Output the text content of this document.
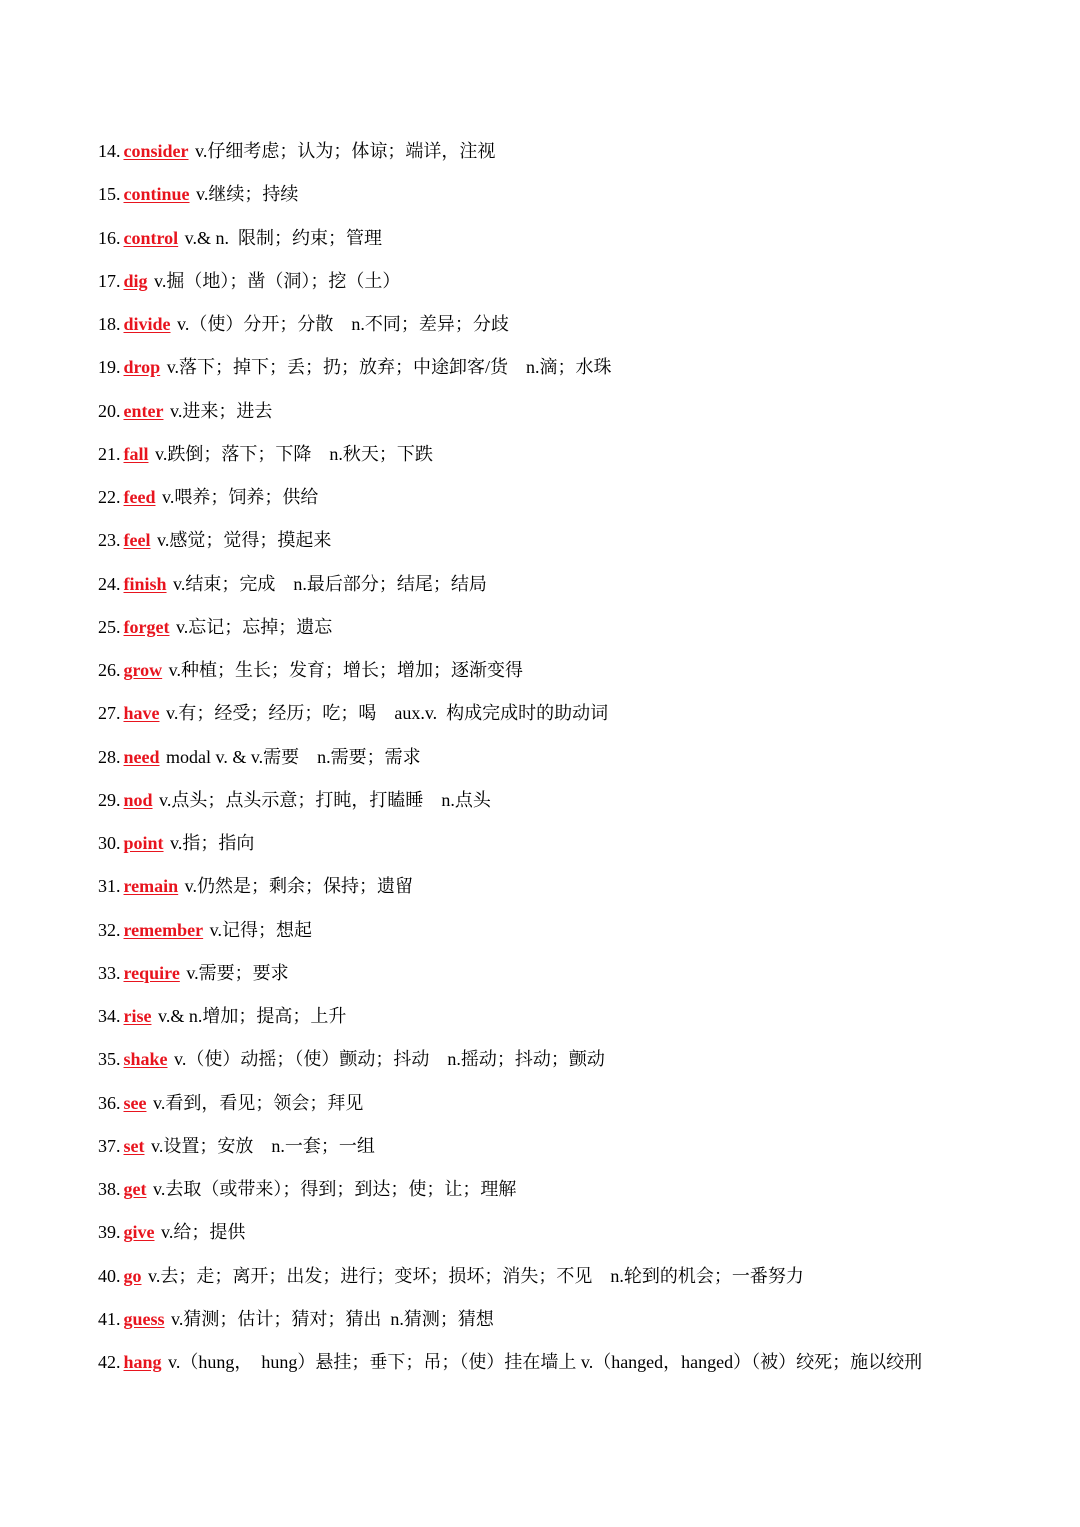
14. consider v.仔细考虑；认为；体谅；端详，注视
15. continue v.继续；持续
16. control v.& n.  限制；约束；管理
17. dig v.掘（地）；凿（洞）；挖（土）
18. divide v.（使）分开；分散    n.不同；差异；分歧
19. drop v.落下；掉下；丢；扔；放弃；中途卸客/货    n.滴；水珠
20. enter v.进来；进去
21. fall v.跌倒；落下；下降    n.秋天；下跌
22. feed v.喂养；饲养；供给
23. feel v.感觉；觉得；摸起来
24. finish v.结束；完成    n.最后部分；结尾；结局
25. forget v.忘记；忘掉；遗忘
26. grow v.种植；生长；发育；增长；增加；逐渐变得
27. have v.有；经受；经历；吃；喝    aux.v.  构成完成时的助动词
28. need modal v. & v.需要    n.需要；需求
29. nod v.点头；点头示意；打盹，打瞌睡    n.点头
30. point v.指；指向
31. remain v.仍然是；剩余；保持；遗留
32. remember v.记得；想起
33. require v.需要；要求
34. rise v.& n.增加；提高；上升
35. shake v.（使）动摇；（使）颤动；抖动    n.摇动；抖动；颤动
36. see v.看到，看见；领会；拜见
37. set v.设置；安放    n.一套；一组
38. get v.去取（或带来）；得到；到达；使；让；理解
39. give v.给；提供
40. go v.去；走；离开；出发；进行；变坏；损坏；消失；不见    n.轮到的机会；一番努力
41. guess v.猜测；估计；猜对；猜出  n.猜测；猜想
42. hang v.（hung，  hung）悬挂；垂下；吊；（使）挂在墙上 v.（hanged，hanged）（被）绞死；施以绞刑
